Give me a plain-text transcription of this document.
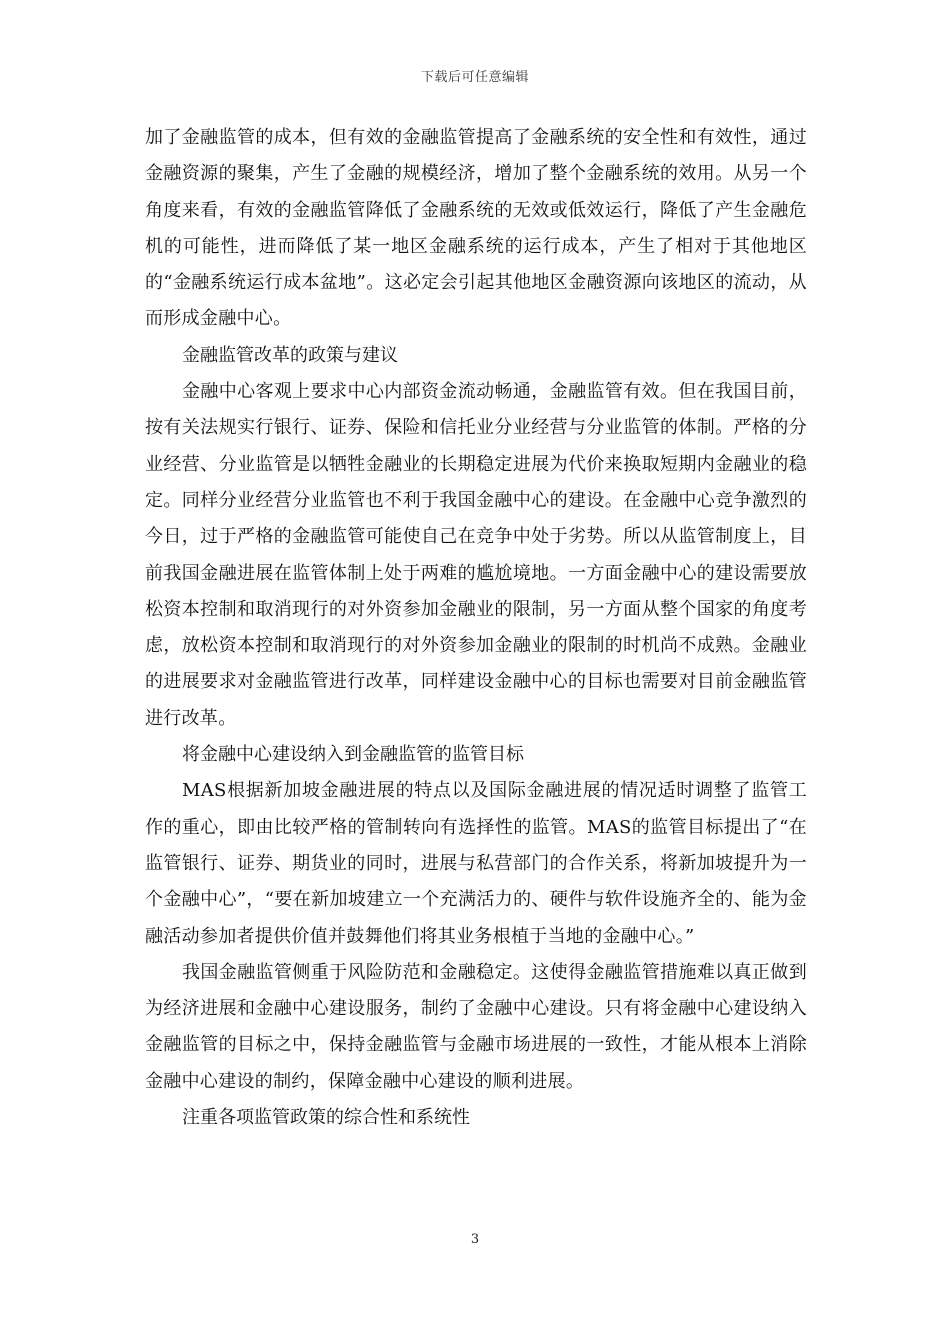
下载后可任意编辑

加了金融监管的成本，但有效的金融监管提高了金融系统的安全性和有效性，通过金融资源的聚集，产生了金融的规模经济，增加了整个金融系统的效用。从另一个角度来看，有效的金融监管降低了金融系统的无效或低效运行，降低了产生金融危机的可能性，进而降低了某一地区金融系统的运行成本，产生了相对于其他地区的“金融系统运行成本盆地”。这必定会引起其他地区金融资源向该地区的流动，从而形成金融中心。

金融监管改革的政策与建议

金融中心客观上要求中心内部资金流动畅通，金融监管有效。但在我国目前，按有关法规实行银行、证券、保险和信托业分业经营与分业监管的体制。严格的分业经营、分业监管是以牺牲金融业的长期稳定进展为代价来换取短期内金融业的稳定。同样分业经营分业监管也不利于我国金融中心的建设。在金融中心竞争激烈的今日，过于严格的金融监管可能使自己在竞争中处于劣势。所以从监管制度上，目前我国金融进展在监管体制上处于两难的尴尬境地。一方面金融中心的建设需要放松资本控制和取消现行的对外资参加金融业的限制，另一方面从整个国家的角度考虑，放松资本控制和取消现行的对外资参加金融业的限制的时机尚不成熟。金融业的进展要求对金融监管进行改革，同样建设金融中心的目标也需要对目前金融监管进行改革。

将金融中心建设纳入到金融监管的监管目标

MAS根据新加坡金融进展的特点以及国际金融进展的情况适时调整了监管工作的重心，即由比较严格的管制转向有选择性的监管。MAS的监管目标提出了“在监管银行、证券、期货业的同时，进展与私营部门的合作关系，将新加坡提升为一个金融中心”，“要在新加坡建立一个充满活力的、硬件与软件设施齐全的、能为金融活动参加者提供价值并鼓舞他们将其业务根植于当地的金融中心。”

我国金融监管侧重于风险防范和金融稳定。这使得金融监管措施难以真正做到为经济进展和金融中心建设服务，制约了金融中心建设。只有将金融中心建设纳入金融监管的目标之中，保持金融监管与金融市场进展的一致性，才能从根本上消除金融中心建设的制约，保障金融中心建设的顺利进展。

注重各项监管政策的综合性和系统性

3
